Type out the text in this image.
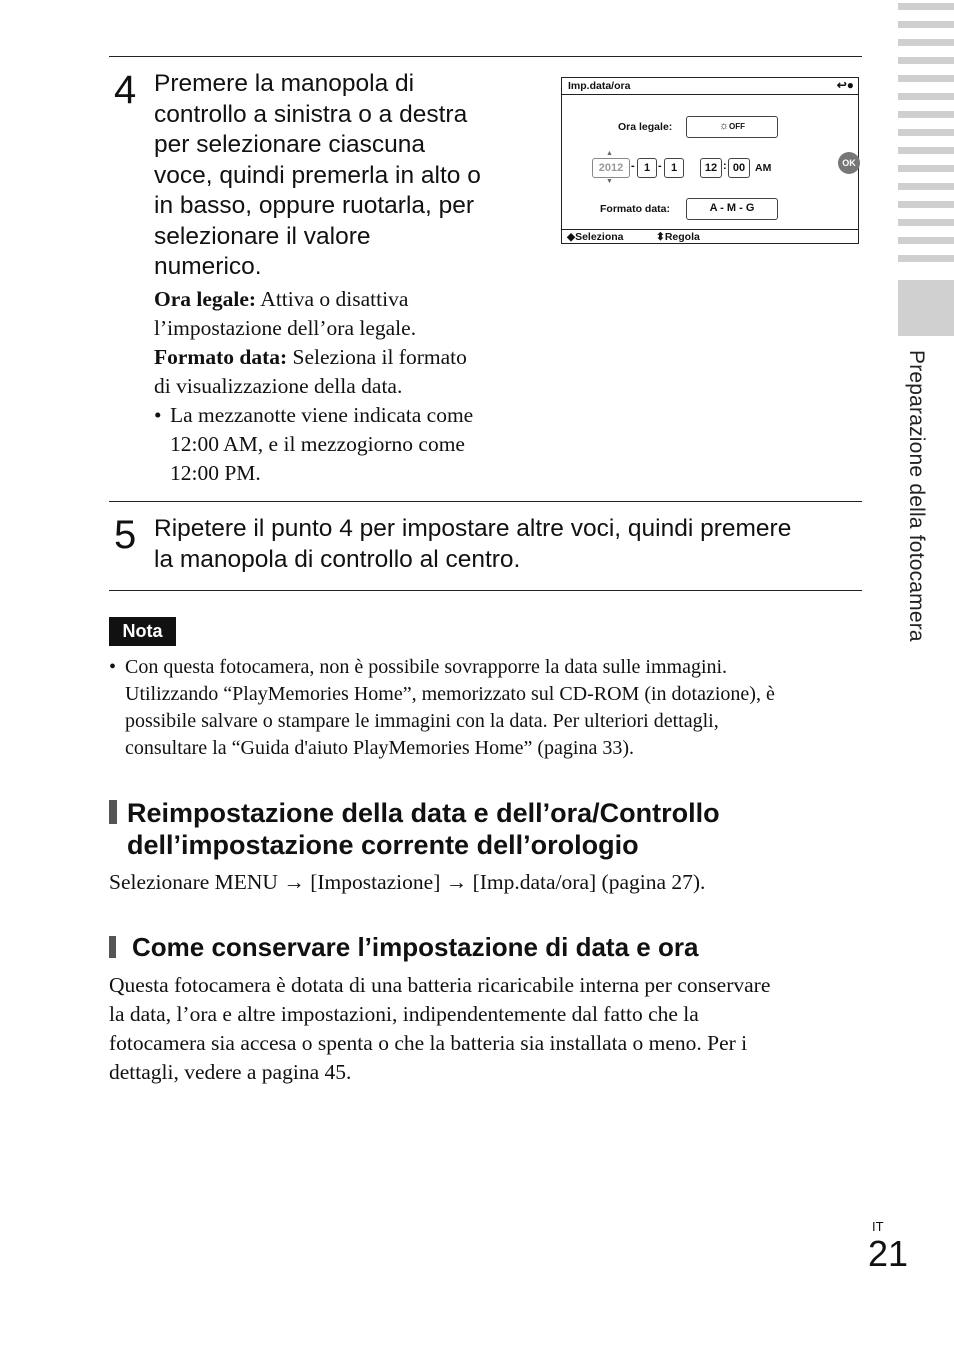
Preparazione della fotocamera
4 Premere la manopola di
controllo a sinistra o a destra
per selezionare ciascuna
voce, quindi premerla in alto o
in basso, oppure ruotarla, per
selezionare il valore
numerico.
Ora legale: Attiva o disattiva
l’impostazione dell’ora legale.
Formato data: Seleziona il formato
di visualizzazione della data.
• La mezzanotte viene indicata come
12:00 AM, e il mezzogiorno come
12:00 PM.
Imp.data/ora	↩●
Ora legale:	☼OFF
▲
2012
▼
- 1 - 1	12 : 00 AM	OK
Formato data:	A - M - G
◆Seleziona	⬍Regola
5 Ripetere il punto 4 per impostare altre voci, quindi premere
la manopola di controllo al centro.
Nota
• Con questa fotocamera, non è possibile sovrapporre la data sulle immagini.
Utilizzando “PlayMemories Home”, memorizzato sul CD-ROM (in dotazione), è
possibile salvare o stampare le immagini con la data. Per ulteriori dettagli,
consultare la “Guida d'aiuto PlayMemories Home” (pagina 33).
Reimpostazione della data e dell’ora/Controllo
dell’impostazione corrente dell’orologio
Selezionare MENU → [Impostazione] → [Imp.data/ora] (pagina 27).
Come conservare l’impostazione di data e ora
Questa fotocamera è dotata di una batteria ricaricabile interna per conservare
la data, l’ora e altre impostazioni, indipendentemente dal fatto che la
fotocamera sia accesa o spenta o che la batteria sia installata o meno. Per i
dettagli, vedere a pagina 45.
IT
21
